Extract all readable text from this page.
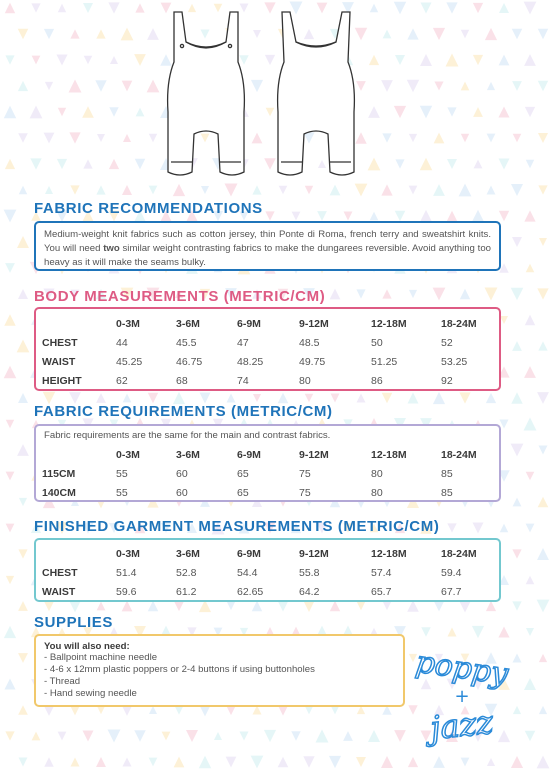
FABRIC RECOMMENDATIONS

Medium-weight knit fabrics such as cotton jersey, thin Ponte di Roma, french terry and sweatshirt knits. You will need two similar weight contrasting fabrics to make the dungarees reversible. Avoid anything too heavy as it will make the seams bulky.

BODY MEASUREMENTS (METRIC/CM)
	0-3M	3-6M	6-9M	9-12M	12-18M	18-24M
CHEST	44	45.5	47	48.5	50	52
WAIST	45.25	46.75	48.25	49.75	51.25	53.25
HEIGHT	62	68	74	80	86	92
FABRIC REQUIREMENTS (METRIC/CM)

Fabric requirements are the same for the main and contrast fabrics.

	0-3M	3-6M	6-9M	9-12M	12-18M	18-24M
115CM	55	60	65	75	80	85
140CM	55	60	65	75	80	85
FINISHED GARMENT MEASUREMENTS (METRIC/CM)
	0-3M	3-6M	6-9M	9-12M	12-18M	18-24M
CHEST	51.4	52.8	54.4	55.8	57.4	59.4
WAIST	59.6	61.2	62.65	64.2	65.7	67.7
SUPPLIES

You will also need:

- Ballpoint machine needle
- 4-6 x 12mm plastic poppers or 2-4 buttons if using buttonholes
- Thread
- Hand sewing needle
poppy
+
jazz
